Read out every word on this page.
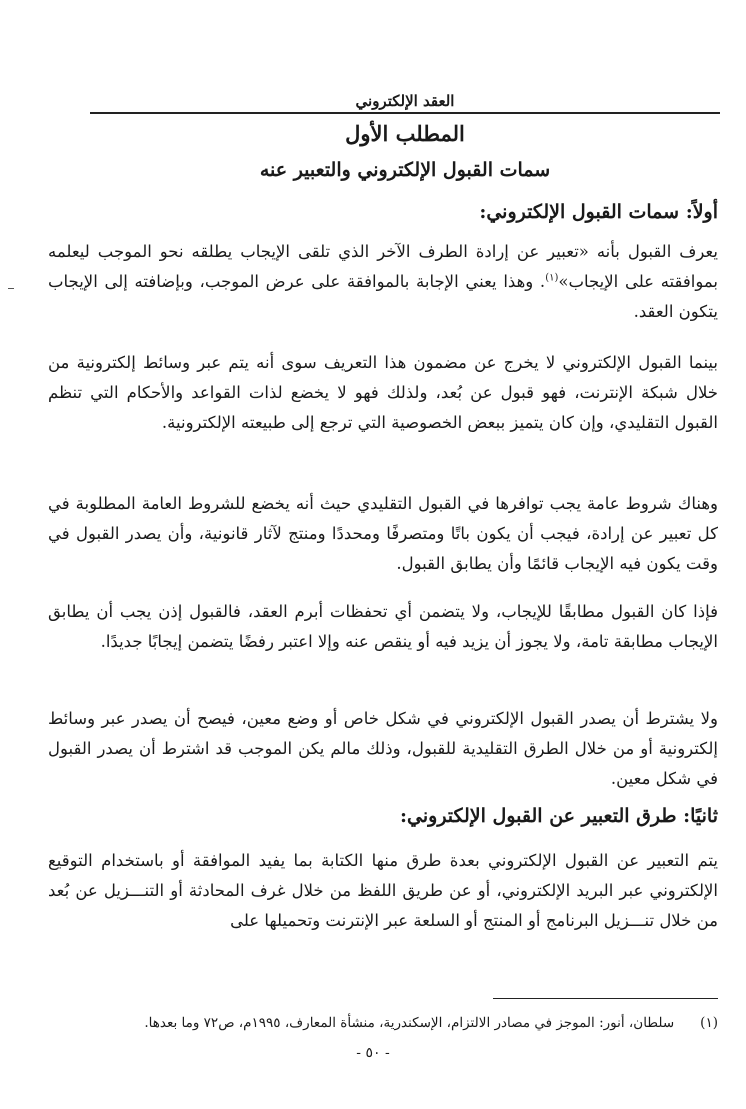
العقد الإلكتروني
المطلب الأول
سمات القبول الإلكتروني والتعبير عنه
أولاً: سمات القبول الإلكتروني:
يعرف القبول بأنه «تعبير عن إرادة الطرف الآخر الذي تلقى الإيجاب يطلقه نحو الموجب ليعلمه بموافقته على الإيجاب»$^{(١)}$. وهذا يعني الإجابة بالموافقة على عرض الموجب، وبإضافته إلى الإيجاب يتكون العقد.
بينما القبول الإلكتروني لا يخرج عن مضمون هذا التعريف سوى أنه يتم عبر وسائط إلكترونية من خلال شبكة الإنترنت، فهو قبول عن بُعد، ولذلك فهو لا يخضع لذات القواعد والأحكام التي تنظم القبول التقليدي، وإن كان يتميز ببعض الخصوصية التي ترجع إلى طبيعته الإلكترونية.
وهناك شروط عامة يجب توافرها في القبول التقليدي حيث أنه يخضع للشروط العامة المطلوبة في كل تعبير عن إرادة، فيجب أن يكون باتًا ومتصرفًا ومحددًا ومنتج لآثار قانونية، وأن يصدر القبول في وقت يكون فيه الإيجاب قائمًا وأن يطابق القبول.
فإذا كان القبول مطابقًا للإيجاب، ولا يتضمن أي تحفظات أبرم العقد، فالقبول إذن يجب أن يطابق الإيجاب مطابقة تامة، ولا يجوز أن يزيد فيه أو ينقص عنه وإلا اعتبر رفضًا يتضمن إيجابًا جديدًا.
ولا يشترط أن يصدر القبول الإلكتروني في شكل خاص أو وضع معين، فيصح أن يصدر عبر وسائط إلكترونية أو من خلال الطرق التقليدية للقبول، وذلك مالم يكن الموجب قد اشترط أن يصدر القبول في شكل معين.
ثانيًا: طرق التعبير عن القبول الإلكتروني:
يتم التعبير عن القبول الإلكتروني بعدة طرق منها الكتابة بما يفيد الموافقة أو باستخدام التوقيع الإلكتروني عبر البريد الإلكتروني، أو عن طريق اللفظ من خلال غرف المحادثة أو التنـــزيل عن بُعد من خلال تنـــزيل البرنامج أو المنتج أو السلعة عبر الإنترنت وتحميلها على
(١)سلطان، أنور: الموجز في مصادر الالتزام، الإسكندرية، منشأة المعارف، ١٩٩٥م، ص٧٢ وما بعدها.
- ٥٠ -
